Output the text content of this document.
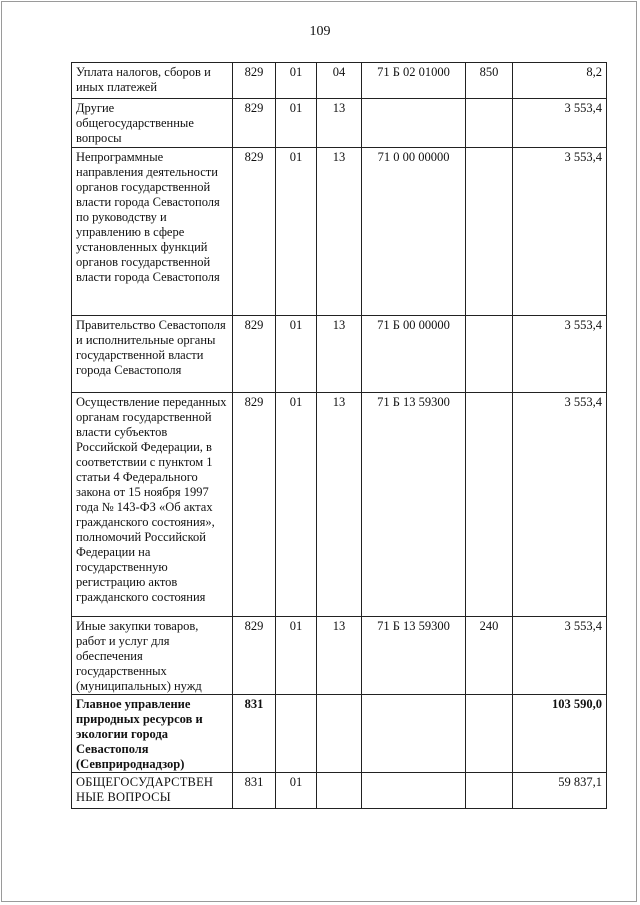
109
Уплата налогов, сборов и иных платежей	829	01	04	71 Б 02 01000	850	8,2
Другие общегосударственные вопросы	829	01	13			3 553,4
Непрограммные направления деятельности органов государственной власти города Севастополя по руководству и управлению в сфере установленных функций органов государственной власти города Севастополя	829	01	13	71 0 00 00000		3 553,4
Правительство Севастополя и исполнительные органы государственной власти города Севастополя	829	01	13	71 Б 00 00000		3 553,4
Осуществление переданных органам государственной власти субъектов Российской Федерации, в соответствии с пунктом 1 статьи 4 Федерального закона от 15 ноября 1997 года № 143-ФЗ «Об актах гражданского состояния», полномочий Российской Федерации на государственную регистрацию актов гражданского состояния	829	01	13	71 Б 13 59300		3 553,4
Иные закупки товаров, работ и услуг для обеспечения государственных (муниципальных) нужд	829	01	13	71 Б 13 59300	240	3 553,4
Главное управление природных ресурсов и экологии города Севастополя (Севприроднадзор)	831					103 590,0
ОБЩЕГОСУДАРСТВЕН НЫЕ ВОПРОСЫ	831	01				59 837,1
